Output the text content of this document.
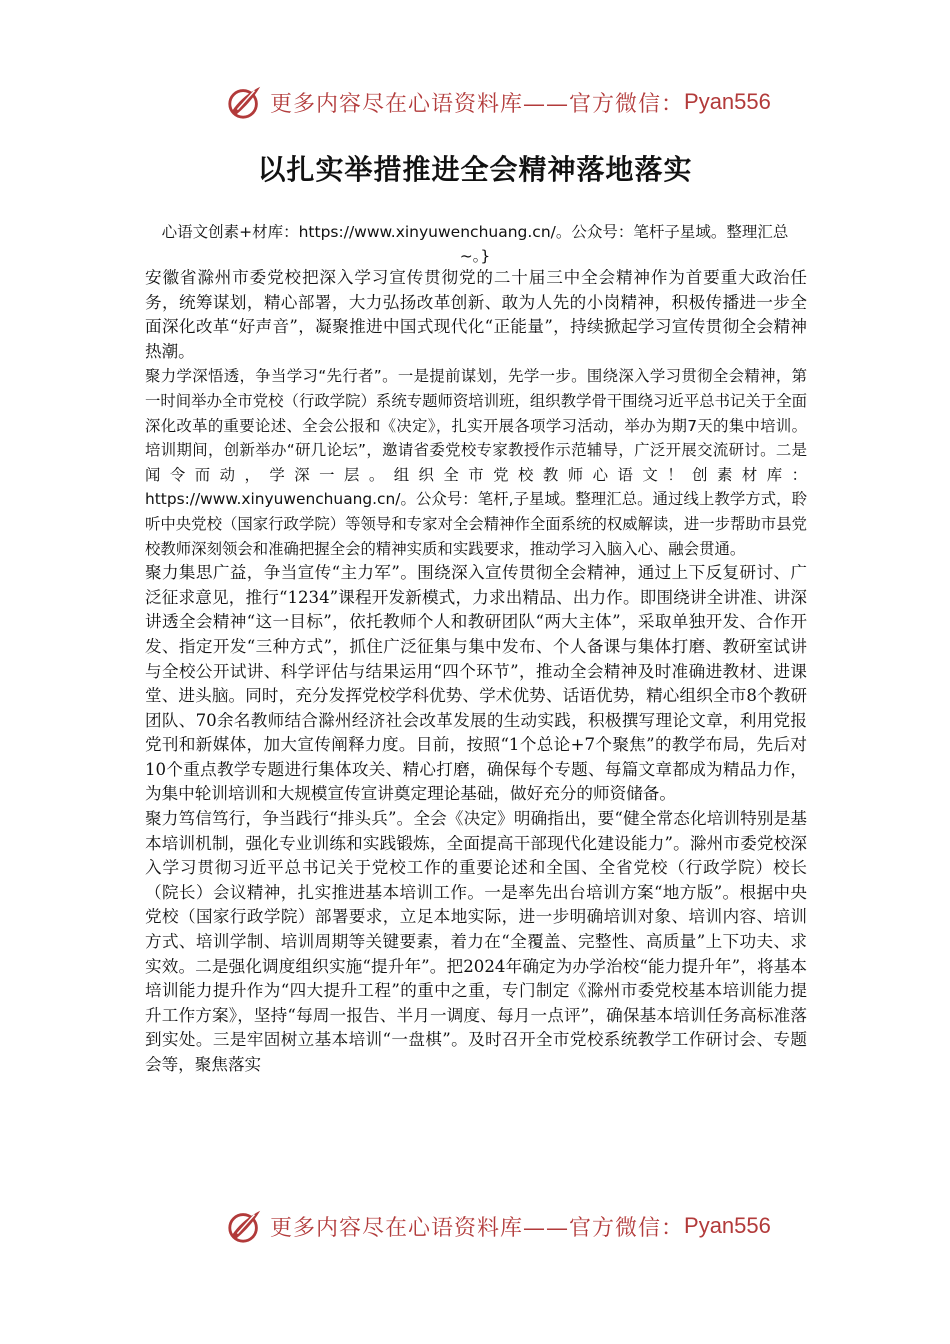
更多内容尽在心语资料库——官方微信： Pyan556
以扎实举措推进全会精神落地落实
心语文创素+材库：https://www.xinyuwenchuang.cn/。公众号：笔杆子星域。整理汇总~。}

安徽省滁州市委党校把深入学习宣传贯彻党的二十届三中全会精神作为首要重大政治任务，统筹谋划，精心部署，大力弘扬改革创新、敢为人先的小岗精神，积极传播进一步全面深化改革“好声音”，凝聚推进中国式现代化“正能量”，持续掀起学习宣传贯彻全会精神热潮。

聚力学深悟透，争当学习“先行者”。一是提前谋划，先学一步。围绕深入学习贯彻全会精神，第一时间举办全市党校（行政学院）系统专题师资培训班，组织教学骨干围绕习近平总书记关于全面深化改革的重要论述、全会公报和《决定》，扎实开展各项学习活动，举办为期7天的集中培训。培训期间，创新举办“研几论坛”，邀请省委党校专家教授作示范辅导，广泛开展交流研讨。二是闻令而动，学深一层。组织全市党校教师心语文！创素材库：https://www.xinyuwenchuang.cn/。公众号：笔杆,子星域。整理汇总。通过线上教学方式，聆听中央党校（国家行政学院）等领导和专家对全会精神作全面系统的权威解读，进一步帮助市县党校教师深刻领会和准确把握全会的精神实质和实践要求，推动学习入脑入心、融会贯通。

聚力集思广益，争当宣传“主力军”。围绕深入宣传贯彻全会精神，通过上下反复研讨、广泛征求意见，推行“1234”课程开发新模式，力求出精品、出力作。即围绕讲全讲准、讲深讲透全会精神“这一目标”，依托教师个人和教研团队“两大主体”，采取单独开发、合作开发、指定开发“三种方式”，抓住广泛征集与集中发布、个人备课与集体打磨、教研室试讲与全校公开试讲、科学评估与结果运用“四个环节”，推动全会精神及时准确进教材、进课堂、进头脑。同时，充分发挥党校学科优势、学术优势、话语优势，精心组织全市8个教研团队、70余名教师结合滁州经济社会改革发展的生动实践，积极撰写理论文章，利用党报党刊和新媒体，加大宣传阐释力度。目前，按照“1个总论+7个聚焦”的教学布局，先后对10个重点教学专题进行集体攻关、精心打磨，确保每个专题、每篇文章都成为精品力作，为集中轮训培训和大规模宣传宣讲奠定理论基础，做好充分的师资储备。

聚力笃信笃行，争当践行“排头兵”。全会《决定》明确指出，要“健全常态化培训特别是基本培训机制，强化专业训练和实践锻炼，全面提高干部现代化建设能力”。滁州市委党校深入学习贯彻习近平总书记关于党校工作的重要论述和全国、全省党校（行政学院）校长（院长）会议精神，扎实推进基本培训工作。一是率先出台培训方案“地方版”。根据中央党校（国家行政学院）部署要求，立足本地实际，进一步明确培训对象、培训内容、培训方式、培训学制、培训周期等关键要素，着力在“全覆盖、完整性、高质量”上下功夫、求实效。二是强化调度组织实施“提升年”。把2024年确定为办学治校“能力提升年”，将基本培训能力提升作为“四大提升工程”的重中之重，专门制定《滁州市委党校基本培训能力提升工作方案》，坚持“每周一报告、半月一调度、每月一点评”，确保基本培训任务高标准落到实处。三是牢固树立基本培训“一盘棋”。及时召开全市党校系统教学工作研讨会、专题会等，聚焦落实

更多内容尽在心语资料库——官方微信： Pyan556
